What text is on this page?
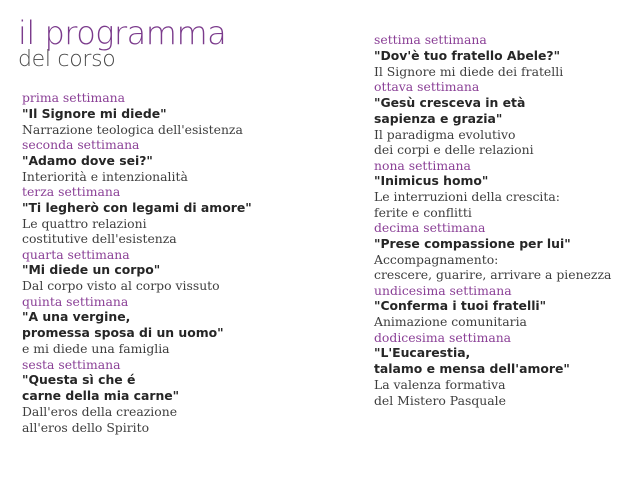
il programma
del corso
prima settimana
"Il Signore mi diede"
Narrazione teologica dell'esistenza
seconda settimana
"Adamo dove sei?"
Interiorità e intenzionalità
terza settimana
"Ti legherò con legami di amore"
Le quattro relazioni
costitutive dell'esistenza
quarta settimana
"Mi diede un corpo"
Dal corpo visto al corpo vissuto
quinta settimana
"A una vergine,
promessa sposa di un uomo"
e mi diede una famiglia
sesta settimana
"Questa sì che é
carne della mia carne"
Dall'eros della creazione
all'eros dello Spirito
settima settimana
"Dov'è tuo fratello Abele?"
Il Signore mi diede dei fratelli
ottava settimana
"Gesù cresceva in età
sapienza e grazia"
Il paradigma evolutivo
dei corpi e delle relazioni
nona settimana
"Inimicus homo"
Le interruzioni della crescita:
ferite e conflitti
decima settimana
"Prese compassione per lui"
Accompagnamento:
crescere, guarire, arrivare a pienezza
undicesima settimana
"Conferma i tuoi fratelli"
Animazione comunitaria
dodicesima settimana
"L'Eucarestia,
talamo e mensa dell'amore"
La valenza formativa
del Mistero Pasquale
